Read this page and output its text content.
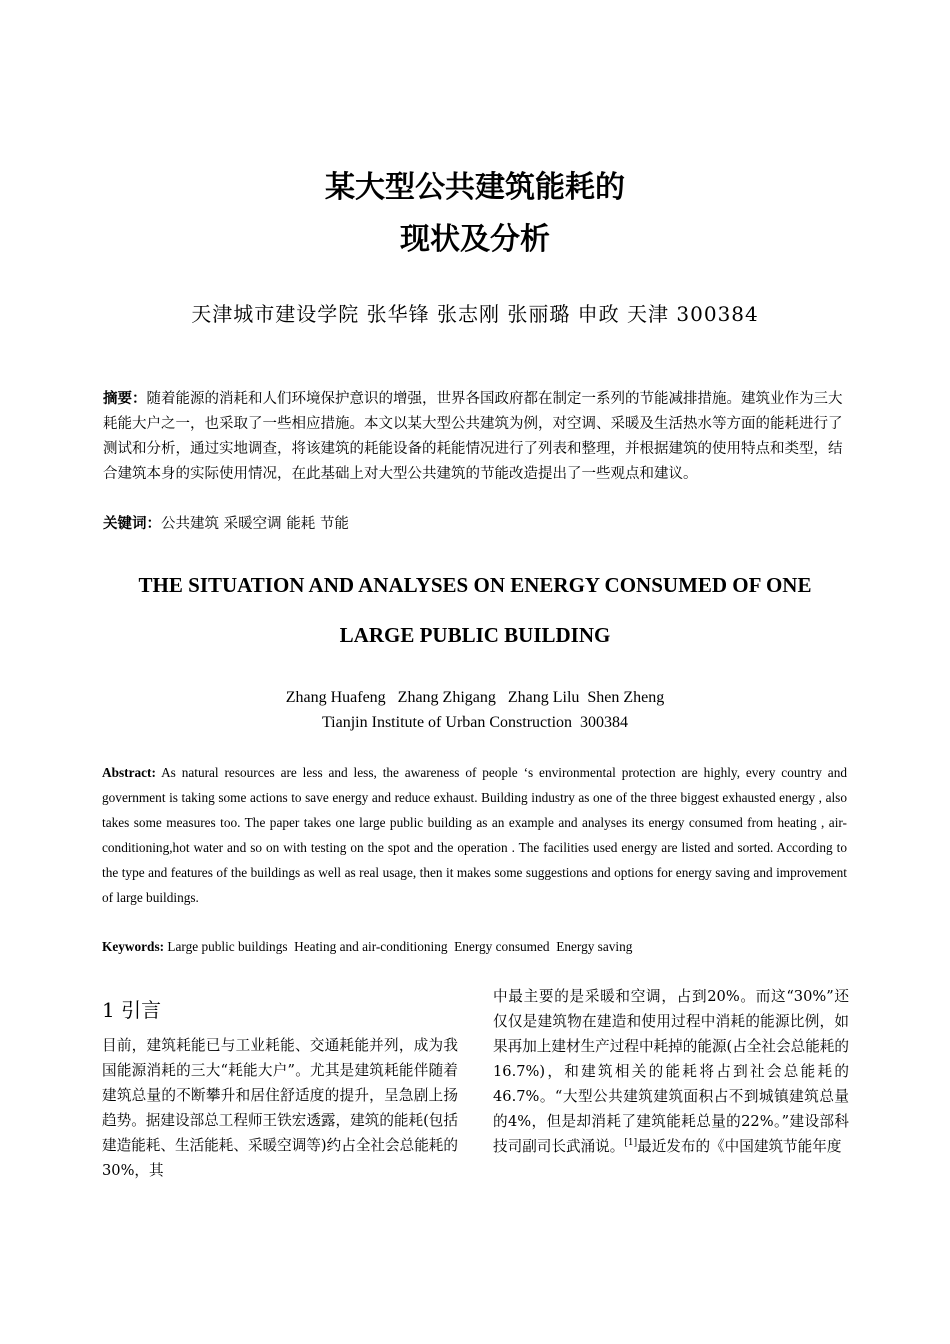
某大型公共建筑能耗的
现状及分析
天津城市建设学院 张华锋 张志刚 张丽璐 申政 天津 300384
摘要：随着能源的消耗和人们环境保护意识的增强，世界各国政府都在制定一系列的节能减排措施。建筑业作为三大耗能大户之一，也采取了一些相应措施。本文以某大型公共建筑为例，对空调、采暖及生活热水等方面的能耗进行了测试和分析，通过实地调查，将该建筑的耗能设备的耗能情况进行了列表和整理，并根据建筑的使用特点和类型，结合建筑本身的实际使用情况，在此基础上对大型公共建筑的节能改造提出了一些观点和建议。
关键词：公共建筑 采暖空调 能耗 节能
THE SITUATION AND ANALYSES ON ENERGY CONSUMED OF ONE
LARGE PUBLIC BUILDING
Zhang Huafeng   Zhang Zhigang   Zhang Lilu  Shen Zheng
Tianjin Institute of Urban Construction  300384
Abstract: As natural resources are less and less, the awareness of people ‘s environmental protection are highly, every country and government is taking some actions to save energy and reduce exhaust. Building industry as one of the three biggest exhausted energy , also takes some measures too. The paper takes one large public building as an example and analyses its energy consumed from heating , air-conditioning,hot water and so on with testing on the spot and the operation . The facilities used energy are listed and sorted. According to the type and features of the buildings as well as real usage, then it makes some suggestions and options for energy saving and improvement of large buildings.
Keywords: Large public buildings  Heating and air-conditioning  Energy consumed  Energy saving
1 引言

目前，建筑耗能已与工业耗能、交通耗能并列，成为我国能源消耗的三大“耗能大户”。尤其是建筑耗能伴随着建筑总量的不断攀升和居住舒适度的提升，呈急剧上扬趋势。据建设部总工程师王铁宏透露，建筑的能耗(包括建造能耗、生活能耗、采暖空调等)约占全社会总能耗的30%，其

中最主要的是采暖和空调，占到20%。而这“30%”还仅仅是建筑物在建造和使用过程中消耗的能源比例，如果再加上建材生产过程中耗掉的能源(占全社会总能耗的16.7%)，和建筑相关的能耗将占到社会总能耗的46.7%。“大型公共建筑建筑面积占不到城镇建筑总量的4%，但是却消耗了建筑能耗总量的22%。”建设部科技司副司长武涌说。[1]最近发布的《中国建筑节能年度
